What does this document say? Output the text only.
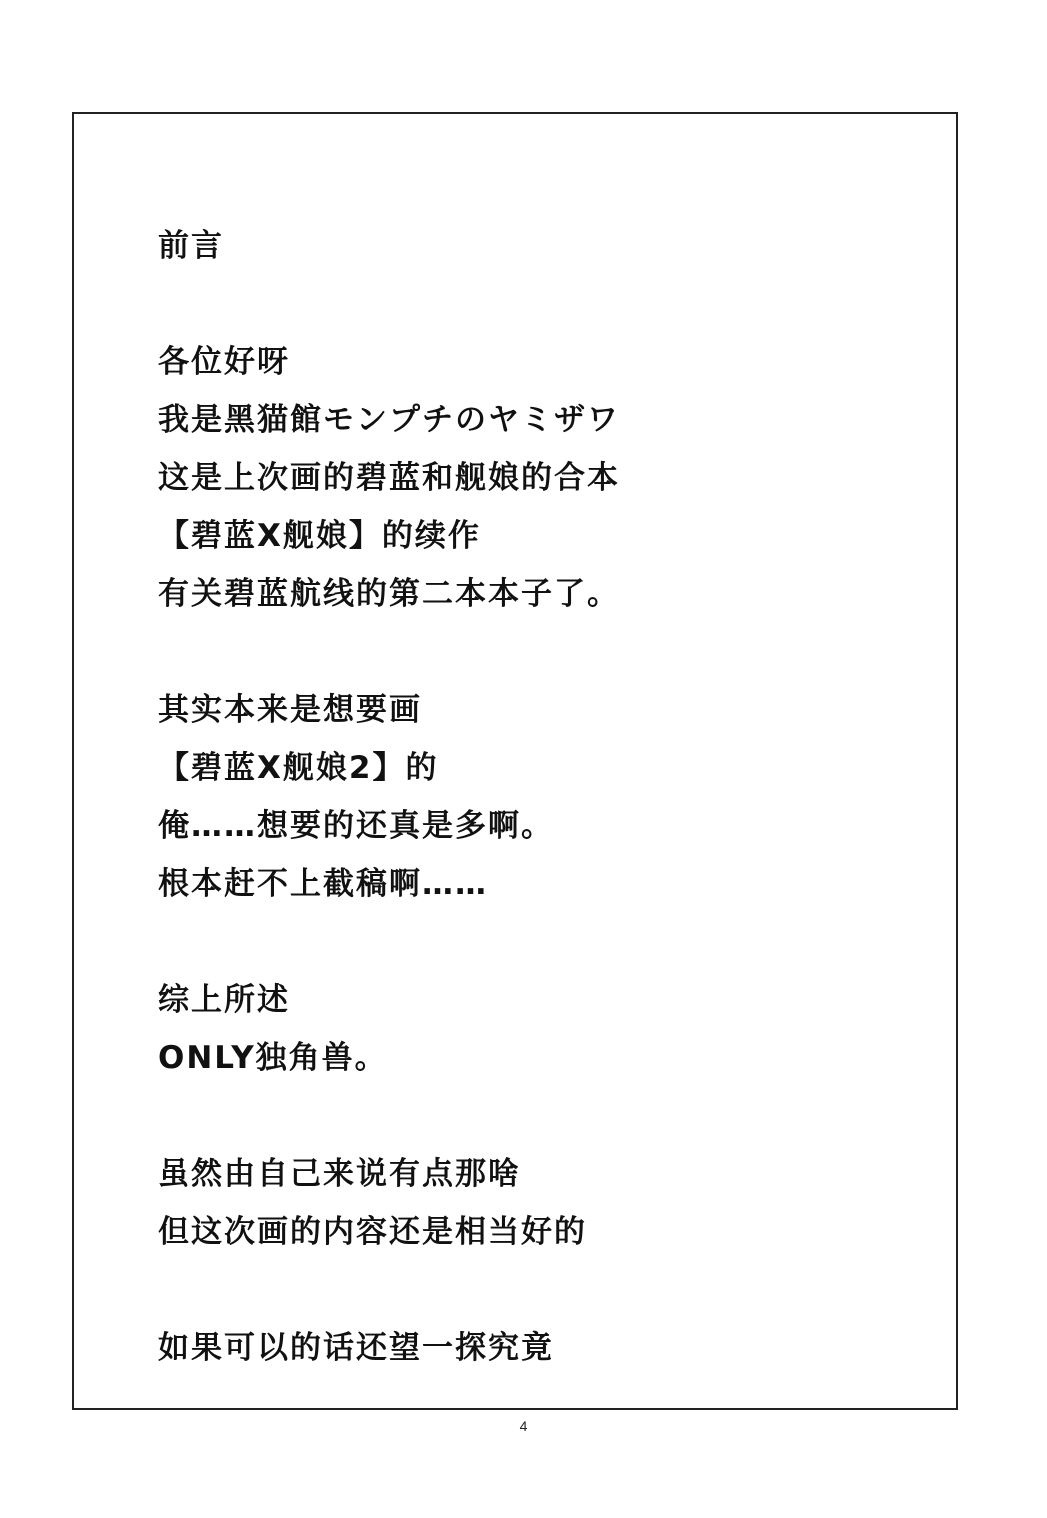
前言
各位好呀
我是黑猫館モンプチのヤミザワ
这是上次画的碧蓝和舰娘的合本
【碧蓝X舰娘】的续作
有关碧蓝航线的第二本本子了。
其实本来是想要画
【碧蓝X舰娘2】的
俺……想要的还真是多啊。
根本赶不上截稿啊……
综上所述
ONLY独角兽。
虽然由自己来说有点那啥
但这次画的内容还是相当好的
如果可以的话还望一探究竟
4
